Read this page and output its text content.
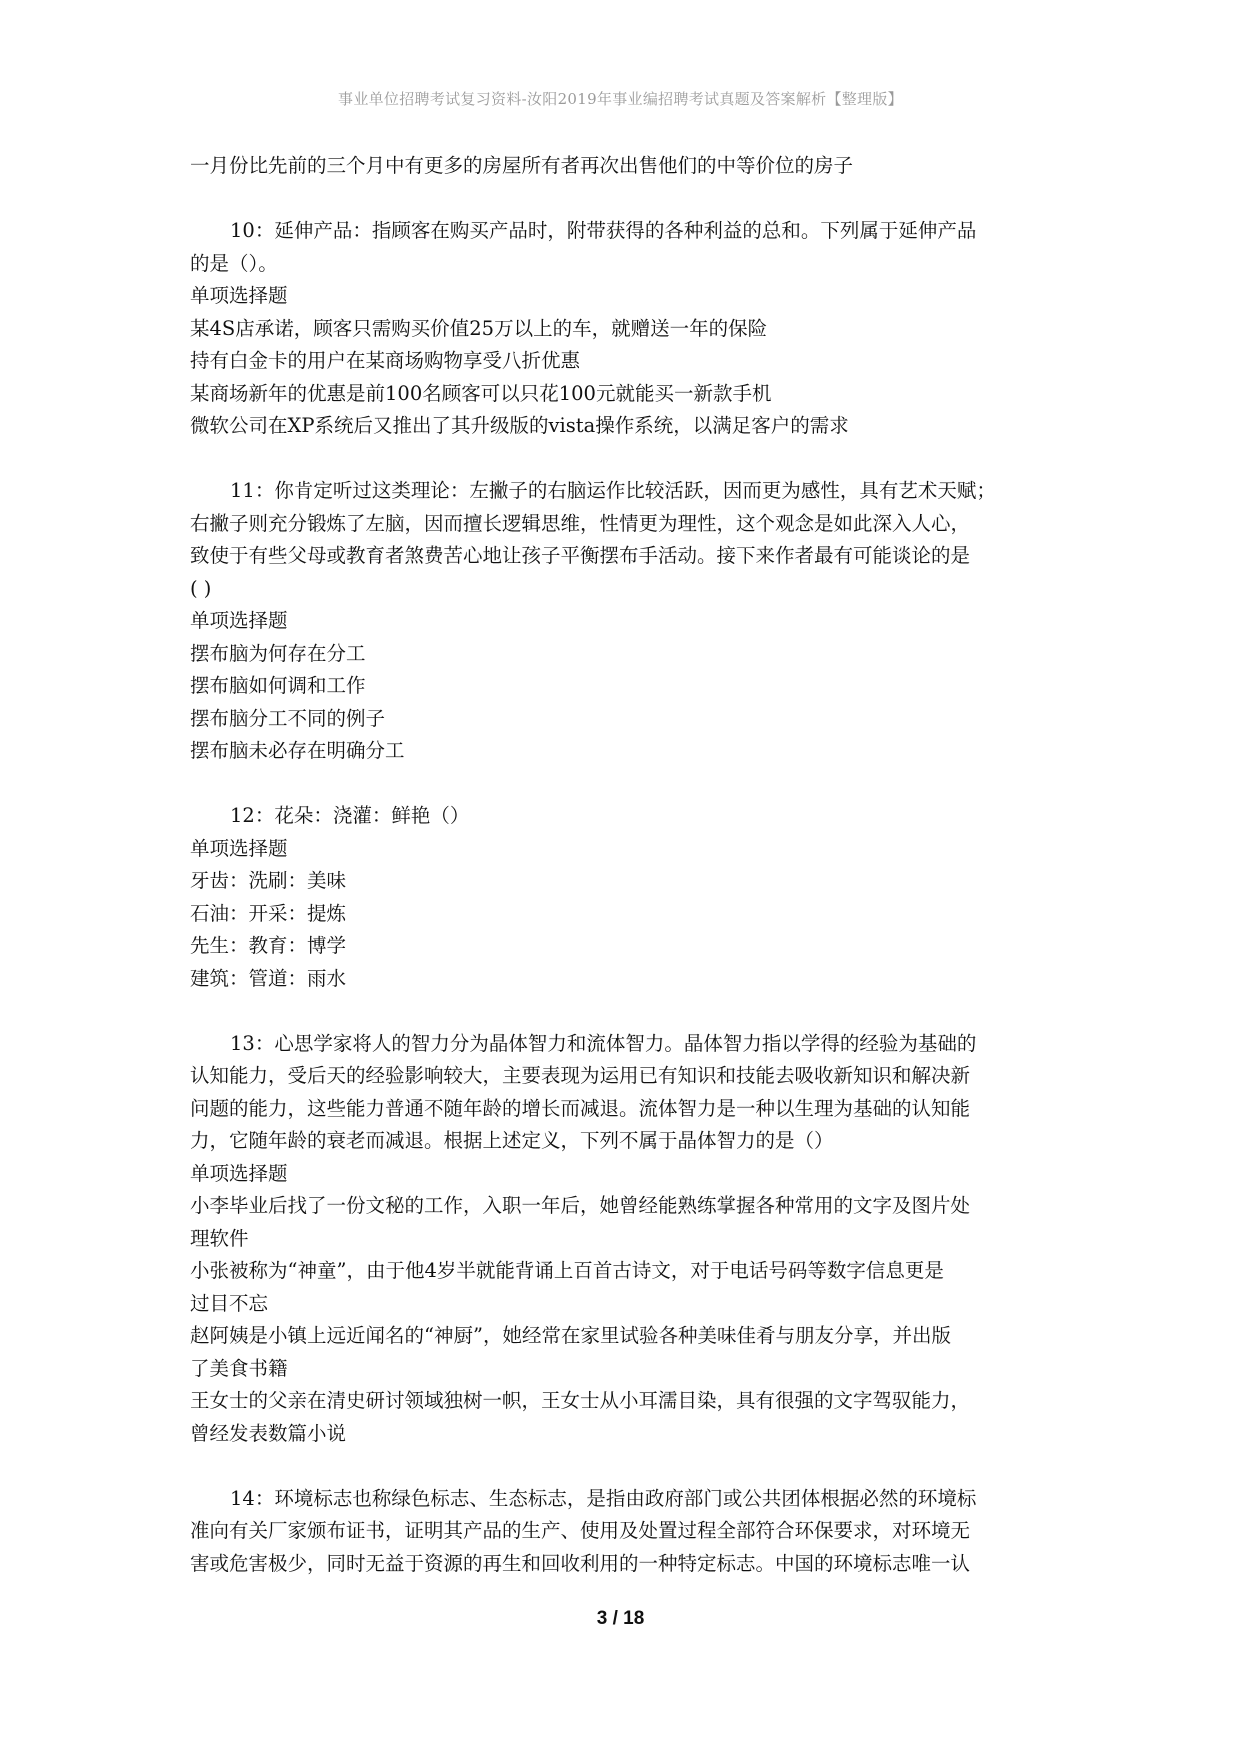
事业单位招聘考试复习资料-汝阳2019年事业编招聘考试真题及答案解析【整理版】
一月份比先前的三个月中有更多的房屋所有者再次出售他们的中等价位的房子
10：延伸产品：指顾客在购买产品时，附带获得的各种利益的总和。下列属于延伸产品
的是（）。
单项选择题
某4S店承诺，顾客只需购买价值25万以上的车，就赠送一年的保险
持有白金卡的用户在某商场购物享受八折优惠
某商场新年的优惠是前100名顾客可以只花100元就能买一新款手机
微软公司在XP系统后又推出了其升级版的vista操作系统，以满足客户的需求
11：你肯定听过这类理论：左撇子的右脑运作比较活跃，因而更为感性，具有艺术天赋；
右撇子则充分锻炼了左脑，因而擅长逻辑思维，性情更为理性，这个观念是如此深入人心，
致使于有些父母或教育者煞费苦心地让孩子平衡摆布手活动。接下来作者最有可能谈论的是
( )
单项选择题
摆布脑为何存在分工
摆布脑如何调和工作
摆布脑分工不同的例子
摆布脑未必存在明确分工
12：花朵：浇灌：鲜艳（）
单项选择题
牙齿：洗刷：美味
石油：开采：提炼
先生：教育：博学
建筑：管道：雨水
13：心思学家将人的智力分为晶体智力和流体智力。晶体智力指以学得的经验为基础的
认知能力，受后天的经验影响较大，主要表现为运用已有知识和技能去吸收新知识和解决新
问题的能力，这些能力普通不随年龄的增长而减退。流体智力是一种以生理为基础的认知能
力，它随年龄的衰老而减退。根据上述定义，下列不属于晶体智力的是（）
单项选择题
小李毕业后找了一份文秘的工作，入职一年后，她曾经能熟练掌握各种常用的文字及图片处
理软件
小张被称为“神童”，由于他4岁半就能背诵上百首古诗文，对于电话号码等数字信息更是
过目不忘
赵阿姨是小镇上远近闻名的“神厨”，她经常在家里试验各种美味佳肴与朋友分享，并出版
了美食书籍
王女士的父亲在清史研讨领域独树一帜，王女士从小耳濡目染，具有很强的文字驾驭能力，
曾经发表数篇小说
14：环境标志也称绿色标志、生态标志，是指由政府部门或公共团体根据必然的环境标
准向有关厂家颁布证书，证明其产品的生产、使用及处置过程全部符合环保要求，对环境无
害或危害极少，同时无益于资源的再生和回收利用的一种特定标志。中国的环境标志唯一认
3 / 18
